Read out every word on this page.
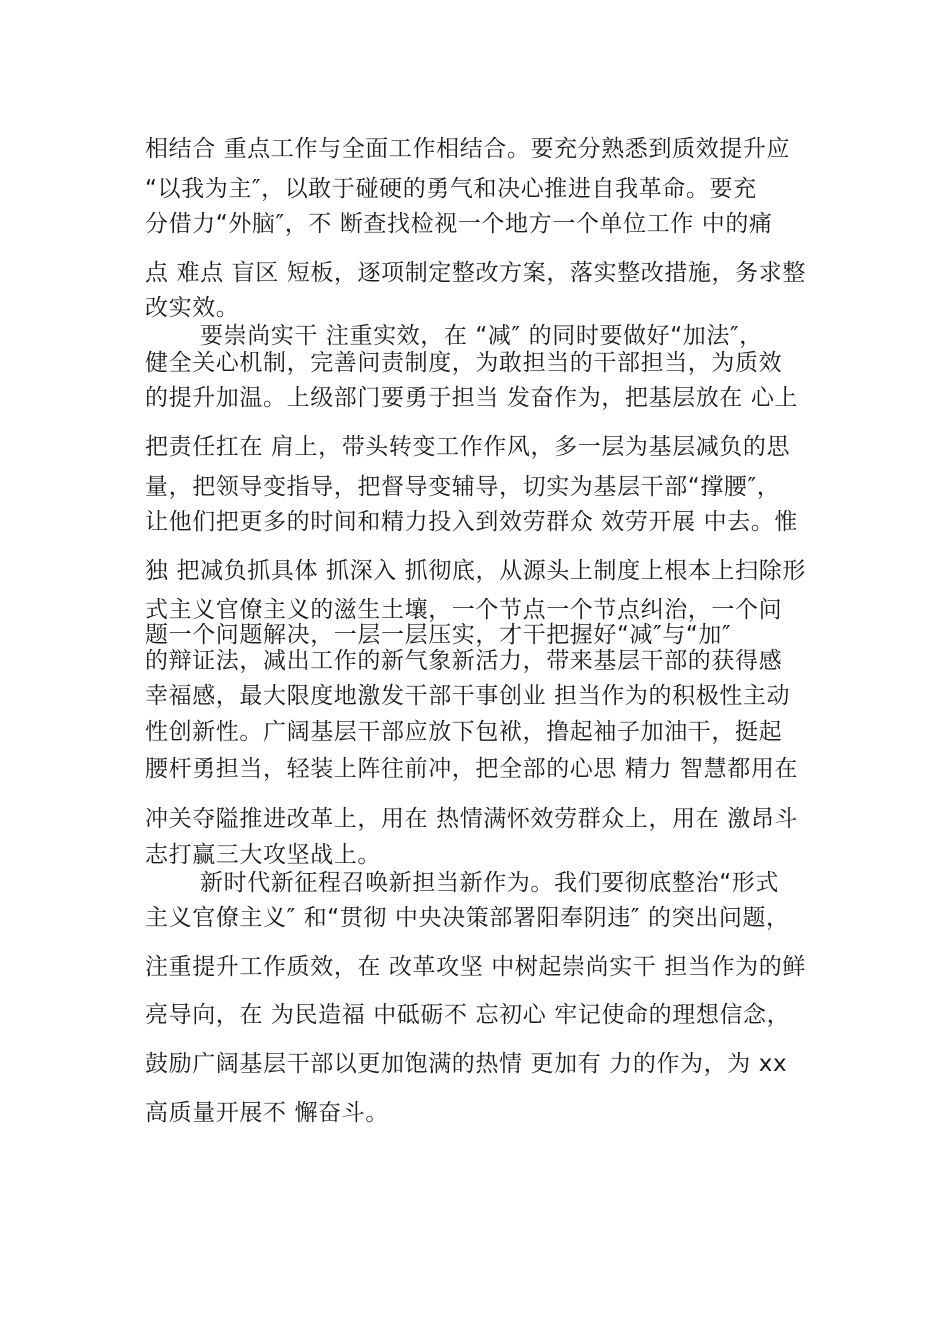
相结合 重点工作与全面工作相结合。要充分熟悉到质效提升应
“以我为主″，以敢于碰硬的勇气和决心推进自我革命。要充
分借力“外脑″，不 断查找检视一个地方一个单位工作 中的痛
点 难点 盲区 短板，逐项制定整改方案，落实整改措施，务求整
改实效。
要崇尚实干 注重实效，在 “减″ 的同时要做好“加法″，
健全关心机制，完善问责制度，为敢担当的干部担当，为质效
的提升加温。上级部门要勇于担当 发奋作为，把基层放在 心上
把责任扛在 肩上，带头转变工作作风，多一层为基层减负的思
量，把领导变指导，把督导变辅导，切实为基层干部“撑腰″，
让他们把更多的时间和精力投入到效劳群众 效劳开展 中去。惟
独 把减负抓具体 抓深入 抓彻底，从源头上制度上根本上扫除形
式主义官僚主义的滋生土壤，一个节点一个节点纠治，一个问
题一个问题解决，一层一层压实，才干把握好“减″与“加″
的辩证法，减出工作的新气象新活力，带来基层干部的获得感
幸福感，最大限度地激发干部干事创业 担当作为的积极性主动
性创新性。广阔基层干部应放下包袱，撸起袖子加油干，挺起
腰杆勇担当，轻装上阵往前冲，把全部的心思 精力 智慧都用在
冲关夺隘推进改革上，用在 热情满怀效劳群众上，用在 激昂斗
志打赢三大攻坚战上。
新时代新征程召唤新担当新作为。我们要彻底整治“形式
主义官僚主义″ 和“贯彻 中央决策部署阳奉阴违″ 的突出问题，
注重提升工作质效，在 改革攻坚 中树起崇尚实干 担当作为的鲜
亮导向，在 为民造福 中砥砺不 忘初心 牢记使命的理想信念，
鼓励广阔基层干部以更加饱满的热情 更加有 力的作为，为 xx
高质量开展不 懈奋斗。
